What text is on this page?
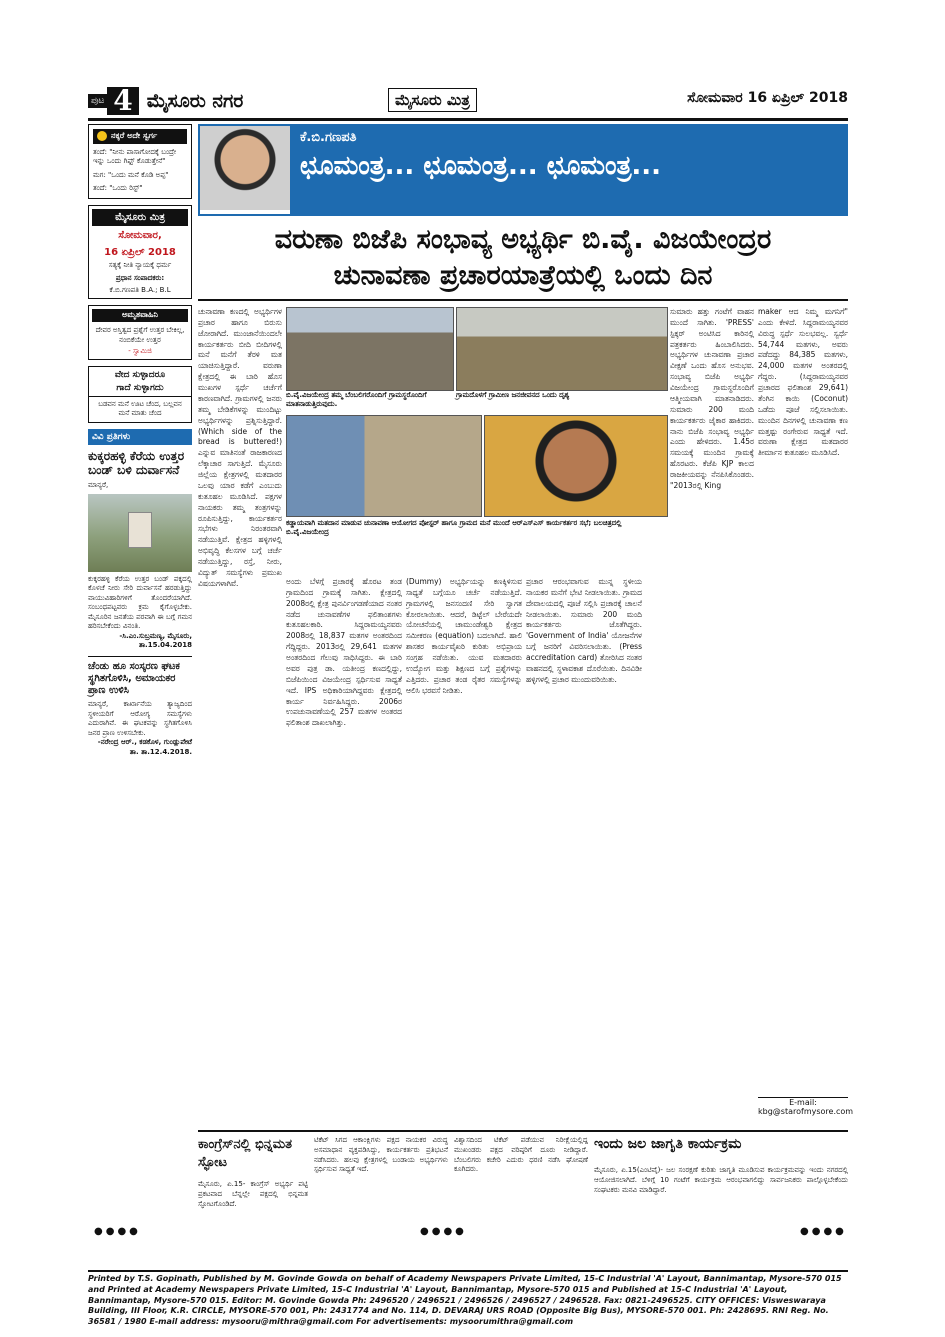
ಪುಟ 4 ಮೈಸೂರು ನಗರ	ಮೈಸೂರು ಮಿತ್ರ	ಸೋಮವಾರ 16 ಏಪ್ರಿಲ್ 2018
ನಕ್ಕರೆ ಅದೇ ಸ್ವರ್ಗ
ತಂದೆ: "ನೀನು ಪಾಸಾಗೋದಕ್ಕೆ ಬಂದ್ರೇ ಇನ್ನು ಒಂದು ಗಿಫ್ಟ್ ಕೊಡುತ್ತೇನೆ"
ಮಗ: "ಒಂದು ಮನೆ ಕೊಡಿ ಅಪ್ಪ"
ತಂದೆ: "ಒಂದು ರಿಸ್ಟ್"
ಮೈಸೂರು ಮಿತ್ರ
ಸೋಮವಾರ,
16 ಏಪ್ರಿಲ್ 2018
ಸತ್ಯಕ್ಕೆ ನೀತಿ ನ್ಯಾಯಕ್ಕೆ ಧರ್ಮ
ಪ್ರಧಾನ ಸಂಪಾದಕರು:
ಕೆ.ಬಿ.ಗಣಪತಿ B.A.; B.L
ಅಮೃತವಾಹಿನಿ
ದೇವರ ಅಸ್ತಿತ್ವದ ಪ್ರಶ್ನೆಗೆ ಉತ್ತರ ಬೇಕಿಲ್ಲ, ನಂಬಿಕೆಯೇ ಉತ್ತರ
- ಸ್ವಾಮಿಜಿ
ವೇದ ಸುಳ್ಳಾದರೂ
ಗಾದೆ ಸುಳ್ಳಾಗದು
ಬಡವನ ಮನೆ ಊಟ ಚೆಂದ, ಬಲ್ಲವನ ಮನೆ ಮಾತು ಚೆಂದ
ವಿವಿ ಪ್ರತಿಗಳು
ಕುಕ್ಕರಹಳ್ಳಿ ಕೆರೆಯ ಉತ್ತರ ಬಂಡ್ ಬಳಿ ದುರ್ವಾಸನೆ
ಮಾನ್ಯರೆ,
ಕುಕ್ಕರಹಳ್ಳಿ ಕೆರೆಯ ಉತ್ತರ ಬಂಡ್ ಪಕ್ಕದಲ್ಲಿ ಕೊಳಚೆ ನೀರು ಸೇರಿ ದುರ್ವಾಸನೆ ಹರಡುತ್ತಿದ್ದು ವಾಯುವಿಹಾರಿಗಳಿಗೆ ತೊಂದರೆಯಾಗಿದೆ. ಸಂಬಂಧಪಟ್ಟವರು ಕ್ರಮ ಕೈಗೊಳ್ಳಬೇಕು. ಮೈಸೂರಿನ ಜನತೆಯ ಪರವಾಗಿ ಈ ಬಗ್ಗೆ ಗಮನ ಹರಿಸಬೇಕೆಂದು ವಿನಂತಿ.
-ಸಿ.ಎಂ.ಸುಬ್ರಮಣ್ಯ, ಮೈಸೂರು, ತಾ.15.04.2018
ಚೆಂಡು ಹೂ ಸಂಸ್ಕರಣ ಘಟಕ ಸ್ಥಗಿತಗೊಳಿಸಿ, ಅಮಾಯಕರ ಪ್ರಾಣ ಉಳಿಸಿ
ಮಾನ್ಯರೆ, ಕಾರ್ಖಾನೆಯ ತ್ಯಾಜ್ಯದಿಂದ ಸ್ಥಳೀಯರಿಗೆ ಆರೋಗ್ಯ ಸಮಸ್ಯೆಗಳು ಎದುರಾಗಿವೆ. ಈ ಘಟಕವನ್ನು ಸ್ಥಗಿತಗೊಳಿಸಿ ಜನರ ಪ್ರಾಣ ಉಳಿಸಬೇಕು.
-ನರೇಂದ್ರ ಆರ್., ಕಡಕೊಳ, ಗುಂಡ್ಲುಪೇಟೆ ತಾ. ತಾ.12.4.2018.
ಕೆ.ಬಿ.ಗಣಪತಿ
ಛೂಮಂತ್ರ... ಛೂಮಂತ್ರ... ಛೂಮಂತ್ರ...
ವರುಣಾ ಬಿಜೆಪಿ ಸಂಭಾವ್ಯ ಅಭ್ಯರ್ಥಿ ಬಿ.ವೈ. ವಿಜಯೇಂದ್ರರ
ಚುನಾವಣಾ ಪ್ರಚಾರಯಾತ್ರೆಯಲ್ಲಿ ಒಂದು ದಿನ
ಚುನಾವಣಾ ಕಣದಲ್ಲಿ ಅಭ್ಯರ್ಥಿಗಳ ಪ್ರಚಾರ ಹಾಗೂ ಬಿರುಸು ಜೋರಾಗಿದೆ. ಮುಂಜಾನೆಯಿಂದಲೇ ಕಾರ್ಯಕರ್ತರು ಬೀದಿ ಬೀದಿಗಳಲ್ಲಿ ಮನೆ ಮನೆಗೆ ತೆರಳಿ ಮತ ಯಾಚಿಸುತ್ತಿದ್ದಾರೆ. ವರುಣಾ ಕ್ಷೇತ್ರದಲ್ಲಿ ಈ ಬಾರಿ ಹೊಸ ಮುಖಗಳ ಸ್ಪರ್ಧೆ ಚರ್ಚೆಗೆ ಕಾರಣವಾಗಿದೆ. ಗ್ರಾಮಗಳಲ್ಲಿ ಜನರು ತಮ್ಮ ಬೇಡಿಕೆಗಳನ್ನು ಮುಂದಿಟ್ಟು ಅಭ್ಯರ್ಥಿಗಳನ್ನು ಪ್ರಶ್ನಿಸುತ್ತಿದ್ದಾರೆ. (Which side of the bread is buttered!) ಎನ್ನುವ ಮಾತಿನಂತೆ ರಾಜಕಾರಣದ ಲೆಕ್ಕಾಚಾರ ಸಾಗುತ್ತಿದೆ. ಮೈಸೂರು ಜಿಲ್ಲೆಯ ಕ್ಷೇತ್ರಗಳಲ್ಲಿ ಮತದಾರರ ಒಲವು ಯಾರ ಕಡೆಗೆ ಎಂಬುದು ಕುತೂಹಲ ಮೂಡಿಸಿದೆ. ಪಕ್ಷಗಳ ನಾಯಕರು ತಮ್ಮ ತಂತ್ರಗಳನ್ನು ರೂಪಿಸುತ್ತಿದ್ದು, ಕಾರ್ಯಕರ್ತರ ಸಭೆಗಳು ನಿರಂತರವಾಗಿ ನಡೆಯುತ್ತಿವೆ. ಕ್ಷೇತ್ರದ ಹಳ್ಳಿಗಳಲ್ಲಿ ಅಭಿವೃದ್ಧಿ ಕೆಲಸಗಳ ಬಗ್ಗೆ ಚರ್ಚೆ ನಡೆಯುತ್ತಿದ್ದು, ರಸ್ತೆ, ನೀರು, ವಿದ್ಯುತ್ ಸಮಸ್ಯೆಗಳು ಪ್ರಮುಖ ವಿಷಯಗಳಾಗಿವೆ.
ಬಿ.ವೈ.ವಿಜಯೇಂದ್ರ ತಮ್ಮ ಬೆಂಬಲಿಗರೊಂದಿಗೆ ಗ್ರಾಮಸ್ಥರೊಂದಿಗೆ ಮಾತನಾಡುತ್ತಿರುವುದು.
ಗ್ರಾಮದೊಳಗೆ ಗ್ರಾಮೀಣ ಜನಜೀವನದ ಒಂದು ದೃಶ್ಯ
ಕಡ್ಡಾಯವಾಗಿ ಮತದಾನ ಮಾಡುವ ಚುನಾವಣಾ ಆಯೋಗದ ಪೋಸ್ಟರ್ ಹಾಗೂ ಗ್ರಾಮದ ಮನೆ ಮುಂದೆ ಆರ್‍ಎಸ್‍ಎಸ್ ಕಾರ್ಯಕರ್ತರ ಸಭೆ; ಬಲಚಿತ್ರದಲ್ಲಿ ಬಿ.ವೈ.ವಿಜಯೇಂದ್ರ
ಅಂದು ಬೆಳಗ್ಗೆ ಪ್ರಚಾರಕ್ಕೆ ಹೊರಟ ತಂಡ ಗ್ರಾಮದಿಂದ ಗ್ರಾಮಕ್ಕೆ ಸಾಗಿತು. ಕ್ಷೇತ್ರದಲ್ಲಿ 2008ರಲ್ಲಿ ಕ್ಷೇತ್ರ ಪುನರ್ವಿಂಗಡಣೆಯಾದ ನಂತರ ನಡೆದ ಚುನಾವಣೆಗಳ ಫಲಿತಾಂಶಗಳು ಕುತೂಹಲಕಾರಿ. ಸಿದ್ದರಾಮಯ್ಯನವರು 2008ರಲ್ಲಿ 18,837 ಮತಗಳ ಅಂತರದಿಂದ ಗೆದ್ದಿದ್ದರು. 2013ರಲ್ಲಿ 29,641 ಮತಗಳ ಅಂತರದಿಂದ ಗೆಲುವು ಸಾಧಿಸಿದ್ದರು. ಈ ಬಾರಿ ಅವರ ಪುತ್ರ ಡಾ. ಯತೀಂದ್ರ ಕಣದಲ್ಲಿದ್ದು, ಬಿಜೆಪಿಯಿಂದ ವಿಜಯೇಂದ್ರ ಸ್ಪರ್ಧಿಸುವ ಸಾಧ್ಯತೆ ಇದೆ. IPS ಅಧಿಕಾರಿಯಾಗಿದ್ದವರು ಕ್ಷೇತ್ರದಲ್ಲಿ ಕಾರ್ಯ ನಿರ್ವಹಿಸಿದ್ದರು. 2006ರ ಉಪಚುನಾವಣೆಯಲ್ಲಿ 257 ಮತಗಳ ಅಂತರದ ಫಲಿತಾಂಶ ದಾಖಲಾಗಿತ್ತು.
(Dummy) ಅಭ್ಯರ್ಥಿಯನ್ನು ಕಣಕ್ಕಿಳಿಸುವ ಸಾಧ್ಯತೆ ಬಗ್ಗೆಯೂ ಚರ್ಚೆ ನಡೆಯುತ್ತಿದೆ. ಗ್ರಾಮಗಳಲ್ಲಿ ಜನಸಂದಣಿ ಸೇರಿ ಸ್ವಾಗತ ಕೋರಲಾಯಿತು. ಆದರೆ, ಡಿಟ್ಟೆಲ್ ಬೇರೆಯದೇ ಯೋಚನೆಯಲ್ಲಿ ಚಾಮುಂಡೇಶ್ವರಿ ಕ್ಷೇತ್ರದ ಸಮೀಕರಣ (equation) ಬದಲಾಗಿದೆ. ಹಾಲಿ ಶಾಸಕರ ಕಾರ್ಯವೈಖರಿ ಕುರಿತು ಅಭಿಪ್ರಾಯ ಸಂಗ್ರಹ ನಡೆಯಿತು. ಯುವ ಮತದಾರರು ಉದ್ಯೋಗ ಮತ್ತು ಶಿಕ್ಷಣದ ಬಗ್ಗೆ ಪ್ರಶ್ನೆಗಳನ್ನು ಎತ್ತಿದರು. ಪ್ರಚಾರ ತಂಡ ರೈತರ ಸಮಸ್ಯೆಗಳನ್ನು ಆಲಿಸಿ ಭರವಸೆ ನೀಡಿತು.
ಪ್ರಚಾರ ಆರಂಭವಾಗುವ ಮುನ್ನ ಸ್ಥಳೀಯ ನಾಯಕರ ಮನೆಗೆ ಭೇಟಿ ನೀಡಲಾಯಿತು. ಗ್ರಾಮದ ದೇವಾಲಯದಲ್ಲಿ ಪೂಜೆ ಸಲ್ಲಿಸಿ ಪ್ರಚಾರಕ್ಕೆ ಚಾಲನೆ ನೀಡಲಾಯಿತು. ಸುಮಾರು 200 ಮಂದಿ ಕಾರ್ಯಕರ್ತರು ಜೊತೆಗಿದ್ದರು. 'Government of India' ಯೋಜನೆಗಳ ಬಗ್ಗೆ ಜನರಿಗೆ ವಿವರಿಸಲಾಯಿತು. (Press accreditation card) ತೋರಿಸಿದ ನಂತರ ವಾಹನದಲ್ಲಿ ಸ್ಥಳಾವಕಾಶ ದೊರೆಯಿತು. ದಿನವಿಡೀ ಹಳ್ಳಿಗಳಲ್ಲಿ ಪ್ರಚಾರ ಮುಂದುವರಿಯಿತು.
ಸುಮಾರು ಹತ್ತು ಗಂಟೆಗೆ ವಾಹನ ಮುಂದೆ ಸಾಗಿತು. 'PRESS' ಸ್ಟಿಕ್ಕರ್ ಅಂಟಿಸಿದ ಕಾರಿನಲ್ಲಿ ಪತ್ರಕರ್ತರು ಹಿಂಬಾಲಿಸಿದರು. ಅಭ್ಯರ್ಥಿಗಳ ಚುನಾವಣಾ ಪ್ರಚಾರ ವೀಕ್ಷಣೆ ಒಂದು ಹೊಸ ಅನುಭವ. ಸಂಭಾವ್ಯ ಬಿಜೆಪಿ ಅಭ್ಯರ್ಥಿ ವಿಜಯೇಂದ್ರ ಗ್ರಾಮಸ್ಥರೊಂದಿಗೆ ಆತ್ಮೀಯವಾಗಿ ಮಾತನಾಡಿದರು. ಸುಮಾರು 200 ಮಂದಿ ಕಾರ್ಯಕರ್ತರು ಜೈಕಾರ ಹಾಕಿದರು. ನಾನು ಬಿಜೆಪಿ ಸಂಭಾವ್ಯ ಅಭ್ಯರ್ಥಿ ಎಂದು ಹೇಳಿದರು. 1.45ರ ಸಮಯಕ್ಕೆ ಮುಂದಿನ ಗ್ರಾಮಕ್ಕೆ ಹೊರಟರು. ಕೆಜೆಪಿ KJP ಕಾಲದ ರಾಜಕೀಯವನ್ನು ನೆನಪಿಸಿಕೊಂಡರು. "2013ರಲ್ಲಿ King
maker ಆದ ನಿಮ್ಮ ಮಗನಿಗೆ" ಎಂದು ಕೇಳಿದೆ. ಸಿದ್ದರಾಮಯ್ಯನವರ ವಿರುದ್ಧ ಸ್ಪರ್ಧೆ ಸುಲಭವಲ್ಲ. ಸ್ವರ್ಧೆ 54,744 ಮತಗಳು, ಅವರು ಪಡೆದದ್ದು 84,385 ಮತಗಳು, 24,000 ಮತಗಳ ಅಂತರದಲ್ಲಿ ಗೆದ್ದರು. (ಸಿದ್ದರಾಮಯ್ಯನವರ ಪ್ರಚಾರದ ಫಲಿತಾಂಶ 29,641) ತೆಂಗಿನ ಕಾಯಿ (Coconut) ಒಡೆದು ಪೂಜೆ ಸಲ್ಲಿಸಲಾಯಿತು. ಮುಂದಿನ ದಿನಗಳಲ್ಲಿ ಚುನಾವಣಾ ಕಣ ಮತ್ತಷ್ಟು ರಂಗೇರುವ ಸಾಧ್ಯತೆ ಇದೆ. ವರುಣಾ ಕ್ಷೇತ್ರದ ಮತದಾರರ ತೀರ್ಮಾನ ಕುತೂಹಲ ಮೂಡಿಸಿದೆ.
E-mail:
kbg@starofmysore.com
ಕಾಂಗ್ರೆಸ್‌ನಲ್ಲಿ ಭಿನ್ನಮತ ಸ್ಫೋಟ
ಮೈಸೂರು, ಏ.15- ಕಾಂಗ್ರೆಸ್ ಅಭ್ಯರ್ಥಿ ಪಟ್ಟಿ ಪ್ರಕಟವಾದ ಬೆನ್ನಲ್ಲೇ ಪಕ್ಷದಲ್ಲಿ ಭಿನ್ನಮತ ಸ್ಫೋಟಗೊಂಡಿದೆ.
ಟಿಕೆಟ್ ಸಿಗದ ಆಕಾಂಕ್ಷಿಗಳು ಪಕ್ಷದ ನಾಯಕರ ವಿರುದ್ಧ ಅಸಮಾಧಾನ ವ್ಯಕ್ತಪಡಿಸಿದ್ದು, ಕಾರ್ಯಕರ್ತರು ಪ್ರತಿಭಟನೆ ನಡೆಸಿದರು. ಹಲವು ಕ್ಷೇತ್ರಗಳಲ್ಲಿ ಬಂಡಾಯ ಅಭ್ಯರ್ಥಿಗಳು ಸ್ಪರ್ಧಿಸುವ ಸಾಧ್ಯತೆ ಇದೆ.
ವಿಶ್ವಾಸದಿಂದ ಟಿಕೆಟ್ ಪಡೆಯುವ ನಿರೀಕ್ಷೆಯಲ್ಲಿದ್ದ ಮುಖಂಡರು ಪಕ್ಷದ ವರಿಷ್ಠರಿಗೆ ದೂರು ನೀಡಿದ್ದಾರೆ. ಬೆಂಬಲಿಗರು ಕಚೇರಿ ಎದುರು ಧರಣಿ ನಡೆಸಿ ಘೋಷಣೆ ಕೂಗಿದರು.
ಇಂದು ಜಲ ಜಾಗೃತಿ ಕಾರ್ಯಕ್ರಮ
ಮೈಸೂರು, ಏ.15(ಎಂಟಿವೈ)- ಜಲ ಸಂರಕ್ಷಣೆ ಕುರಿತು ಜಾಗೃತಿ ಮೂಡಿಸುವ ಕಾರ್ಯಕ್ರಮವನ್ನು ಇಂದು ನಗರದಲ್ಲಿ ಆಯೋಜಿಸಲಾಗಿದೆ. ಬೆಳಿಗ್ಗೆ 10 ಗಂಟೆಗೆ ಕಾರ್ಯಕ್ರಮ ಆರಂಭವಾಗಲಿದ್ದು ಸಾರ್ವಜನಿಕರು ಪಾಲ್ಗೊಳ್ಳಬೇಕೆಂದು ಸಂಘಟಕರು ಮನವಿ ಮಾಡಿದ್ದಾರೆ.
Printed by T.S. Gopinath, Published by M. Govinde Gowda on behalf of Academy Newspapers Private Limited, 15-C Industrial 'A' Layout, Bannimantap, Mysore-570 015 and Printed at Academy Newspapers Private Limited, 15-C Industrial 'A' Layout, Bannimantap, Mysore-570 015 and Published at 15-C Industrial 'A' Layout, Bannimantap, Mysore-570 015. Editor: M. Govinde Gowda Ph: 2496520 / 2496521 / 2496526 / 2496527 / 2496528. Fax: 0821-2496525. CITY OFFICES: Visweswaraya Building, III Floor, K.R. CIRCLE, MYSORE-570 001, Ph: 2431774 and No. 114, D. DEVARAJ URS ROAD (Opposite Big Bus), MYSORE-570 001. Ph: 2428695. RNI Reg. No. 36581 / 1980 E-mail address: mysooru@mithra@gmail.com For advertisements: mysoorumithra@gmail.com
●●●●	●●●●	●●●●
